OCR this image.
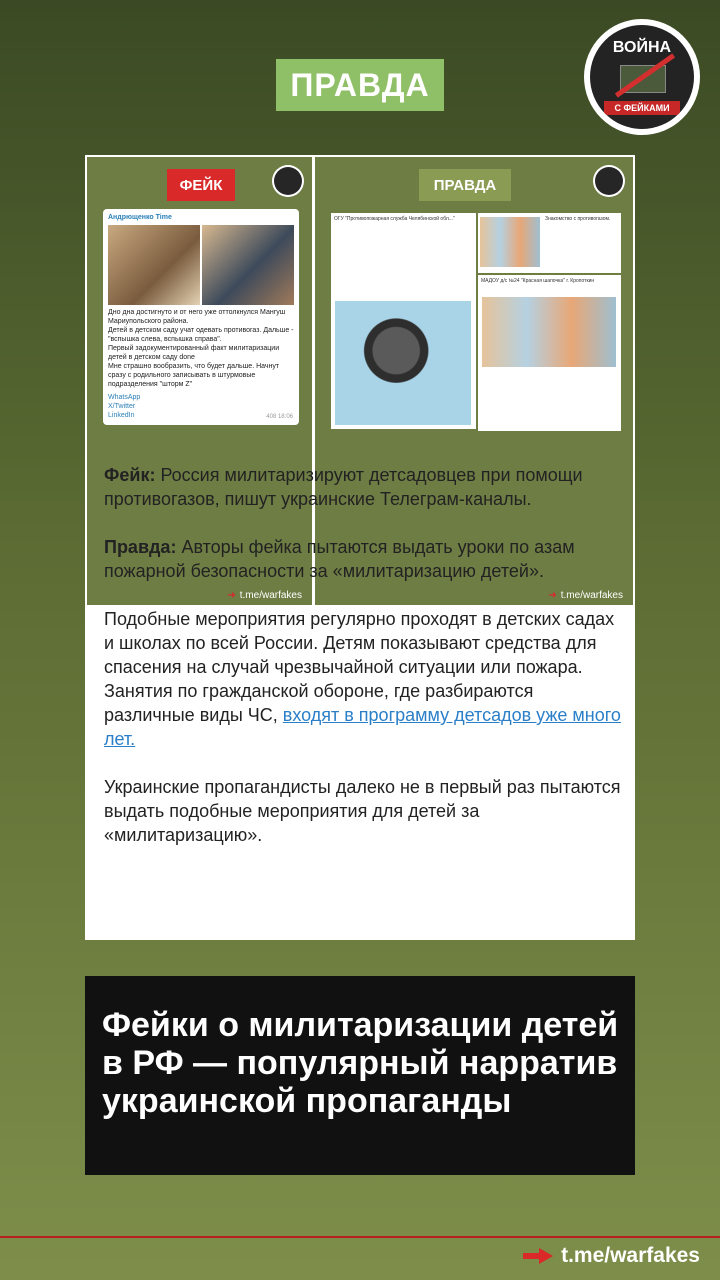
ПРАВДА
ВОЙНА
С ФЕЙКАМИ
ФЕЙК
Андрющенко Time

Дно дна достигнуто и от него уже оттолкнулся Мангуш Мариупольского района.

Детей в детском саду учат одевать противогаз. Дальше - "вспышка слева, вспышка справа".

Первый задокументированный факт милитаризации детей в детском саду done

Мне страшно вообразить, что будет дальше. Начнут сразу с родильного записывать в штурмовые подразделения "шторм Z"

WhatsApp
X/Twitter
LinkedIn	408 18:06
➜ t.me/warfakes
ПРАВДА
ОГУ "Противопожарная служба Челябинской обл..."	Знакомство с противогазом.
МАДОУ д/с №24 "Красная шапочка" г. Кропоткин
➜ t.me/warfakes

Фейк: Россия милитаризируют детсадовцев при помощи противогазов, пишут украинские Телеграм-каналы.

Правда: Авторы фейка пытаются выдать уроки по азам пожарной безопасности за «милитаризацию детей».

Подобные мероприятия регулярно проходят в детских садах и школах по всей России. Детям показывают средства для спасения на случай чрезвычайной ситуации или пожара. Занятия по гражданской обороне, где разбираются различные виды ЧС, входят в программу детсадов уже много лет.

Украинские пропагандисты далеко не в первый раз пытаются выдать подобные мероприятия для детей за «милитаризацию».

Фейки о милитаризации детей в РФ — популярный нарратив украинской пропаганды
t.me/warfakes
